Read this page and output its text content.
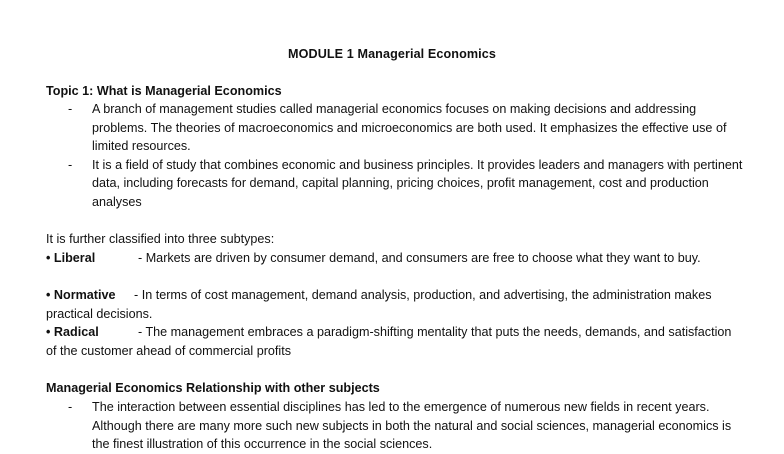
MODULE 1 Managerial Economics
Topic 1: What is Managerial Economics
- A branch of management studies called managerial economics focuses on making decisions and addressing problems. The theories of macroeconomics and microeconomics are both used. It emphasizes the effective use of limited resources.
- It is a field of study that combines economic and business principles. It provides leaders and managers with pertinent data, including forecasts for demand, capital planning, pricing choices, profit management, cost and production analyses

It is further classified into three subtypes:

• Liberal	- Markets are driven by consumer demand, and consumers are free to choose what they want to buy.

• Normative - In terms of cost management, demand analysis, production, and advertising, the administration makes practical decisions.

• Radical	- The management embraces a paradigm-shifting mentality that puts the needs, demands, and satisfaction of the customer ahead of commercial profits

Managerial Economics Relationship with other subjects
- The interaction between essential disciplines has led to the emergence of numerous new fields in recent years. Although there are many more such new subjects in both the natural and social sciences, managerial economics is the finest illustration of this occurrence in the social sciences.
